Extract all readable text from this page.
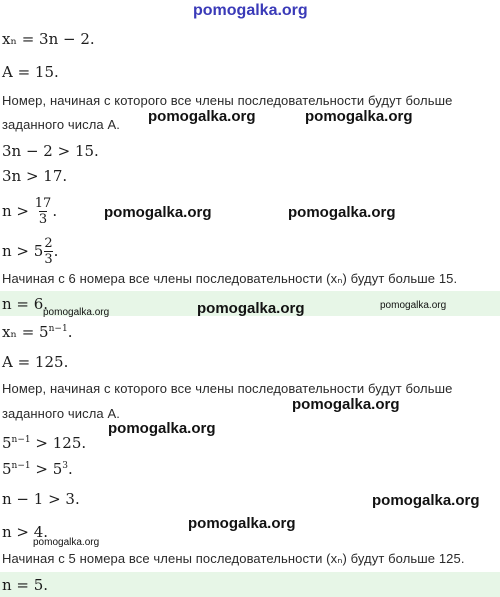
pomogalka.org
pomogalka.org	pomogalka.org
pomogalka.org	pomogalka.org
pomogalka.org	pomogalka.org	pomogalka.org
pomogalka.org
pomogalka.org
pomogalka.org
pomogalka.org
pomogalka.org
xₙ = 3n − 2.
A = 15.
Номер, начиная с которого все члены последовательности будут больше
заданного числа A.
3n − 2 > 15.
3n > 17.
$n > \frac{17}{3}$ .
$n > 5 \frac{2}{3}$ .
Начиная с 6 номера все члены последовательности (xₙ) будут больше 15.
n = 6.
$x_n = 5^{n-1}$.
A = 125.
Номер, начиная с которого все члены последовательности будут больше
заданного числа A.
$5^{n-1} > 125$.
$5^{n-1} > 5^3$.
n − 1 > 3.
n > 4.
Начиная с 5 номера все члены последовательности (xₙ) будут больше 125.
n = 5.
